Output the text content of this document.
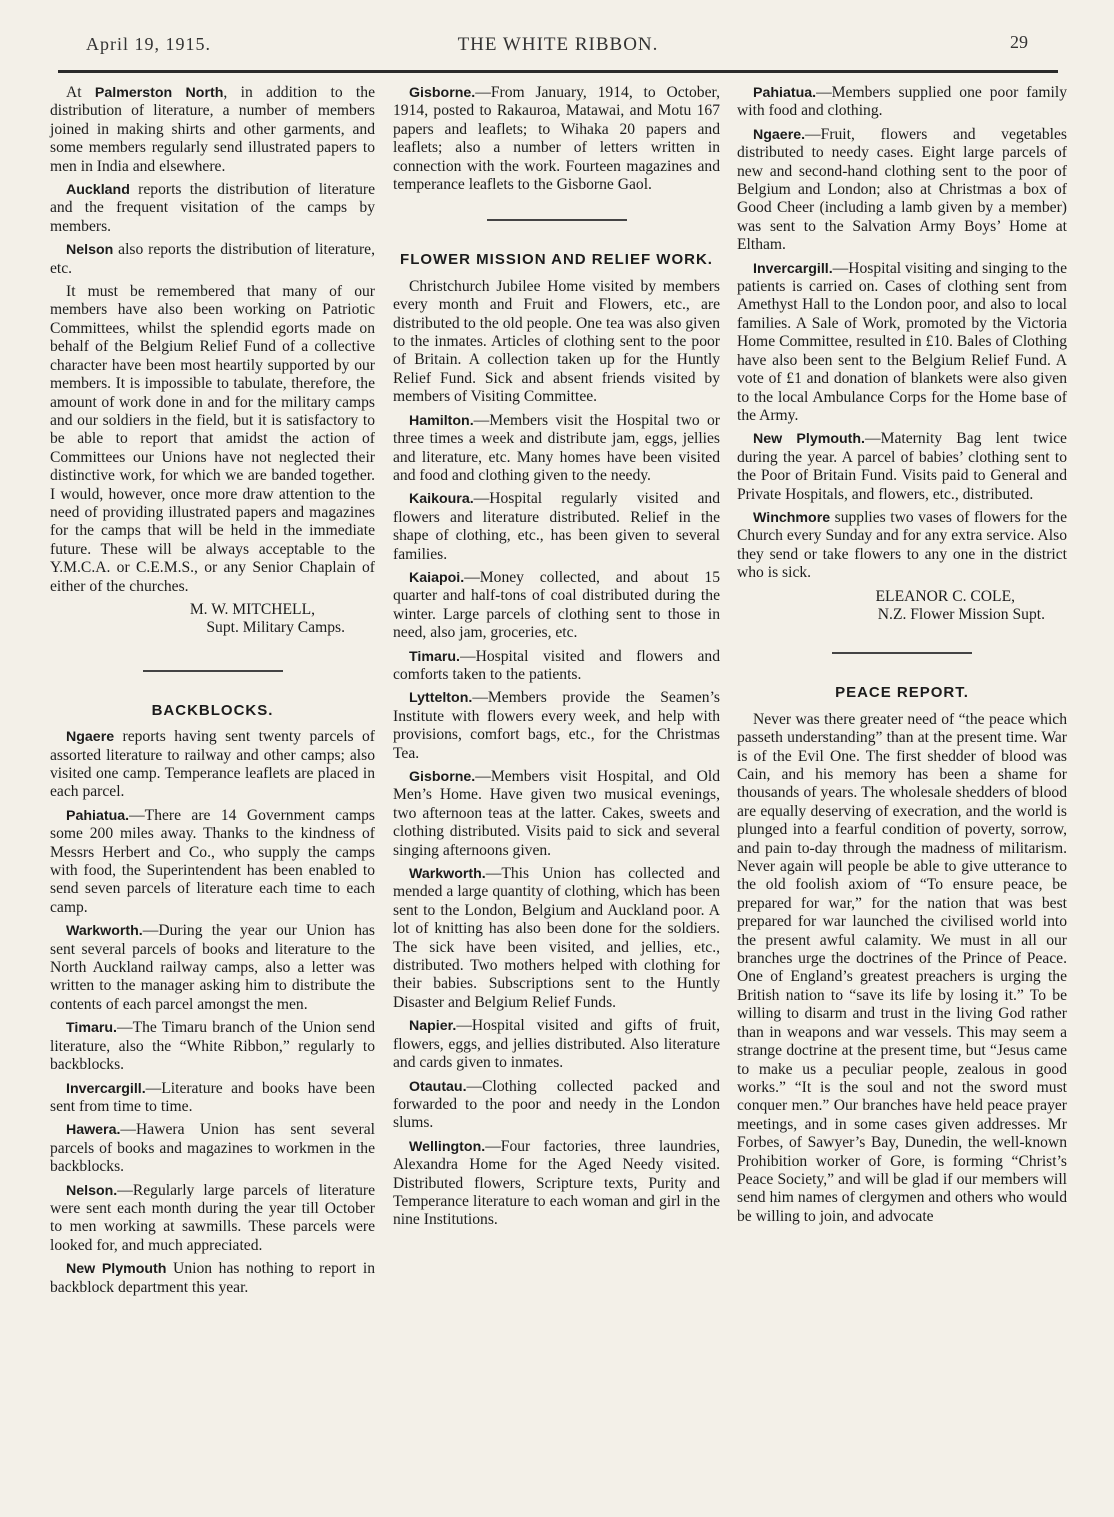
April 19, 1915.	THE WHITE RIBBON.	29

At Palmerston North, in addition to the distribution of literature, a number of members joined in making shirts and other garments, and some members regularly send illustrated papers to men in India and elsewhere.

Auckland reports the distribution of literature and the frequent visitation of the camps by members.

Nelson also reports the distribution of literature, etc.

It must be remembered that many of our members have also been working on Patriotic Committees, whilst the splendid egorts made on behalf of the Belgium Relief Fund of a collective character have been most heartily supported by our members. It is impossible to tabulate, therefore, the amount of work done in and for the military camps and our soldiers in the field, but it is satisfactory to be able to report that amidst the action of Committees our Unions have not neglected their distinctive work, for which we are banded together. I would, however, once more draw attention to the need of providing illustrated papers and magazines for the camps that will be held in the immediate future. These will be always acceptable to the Y.M.C.A. or C.E.M.S., or any Senior Chaplain of either of the churches.

M. W. MITCHELL,

Supt. Military Camps.

BACKBLOCKS.

Ngaere reports having sent twenty parcels of assorted literature to railway and other camps; also visited one camp. Temperance leaflets are placed in each parcel.

Pahiatua.—There are 14 Government camps some 200 miles away. Thanks to the kindness of Messrs Herbert and Co., who supply the camps with food, the Superintendent has been enabled to send seven parcels of literature each time to each camp.

Warkworth.—During the year our Union has sent several parcels of books and literature to the North Auckland railway camps, also a letter was written to the manager asking him to distribute the contents of each parcel amongst the men.

Timaru.—The Timaru branch of the Union send literature, also the “White Ribbon,” regularly to backblocks.

Invercargill.—Literature and books have been sent from time to time.

Hawera.—Hawera Union has sent several parcels of books and magazines to workmen in the backblocks.

Nelson.—Regularly large parcels of literature were sent each month during the year till October to men working at sawmills. These parcels were looked for, and much appreciated.

New Plymouth Union has nothing to report in backblock department this year.

Gisborne.—From January, 1914, to October, 1914, posted to Rakauroa, Matawai, and Motu 167 papers and leaflets; to Wihaka 20 papers and leaflets; also a number of letters written in connection with the work. Fourteen magazines and temperance leaflets to the Gisborne Gaol.

FLOWER MISSION AND RELIEF WORK.

Christchurch Jubilee Home visited by members every month and Fruit and Flowers, etc., are distributed to the old people. One tea was also given to the inmates. Articles of clothing sent to the poor of Britain. A collection taken up for the Huntly Relief Fund. Sick and absent friends visited by members of Visiting Committee.

Hamilton.—Members visit the Hospital two or three times a week and distribute jam, eggs, jellies and literature, etc. Many homes have been visited and food and clothing given to the needy.

Kaikoura.—Hospital regularly visited and flowers and literature distributed. Relief in the shape of clothing, etc., has been given to several families.

Kaiapoi.—Money collected, and about 15 quarter and half-tons of coal distributed during the winter. Large parcels of clothing sent to those in need, also jam, groceries, etc.

Timaru.—Hospital visited and flowers and comforts taken to the patients.

Lyttelton.—Members provide the Seamen’s Institute with flowers every week, and help with provisions, comfort bags, etc., for the Christmas Tea.

Gisborne.—Members visit Hospital, and Old Men’s Home. Have given two musical evenings, two afternoon teas at the latter. Cakes, sweets and clothing distributed. Visits paid to sick and several singing afternoons given.

Warkworth.—This Union has collected and mended a large quantity of clothing, which has been sent to the London, Belgium and Auckland poor. A lot of knitting has also been done for the soldiers. The sick have been visited, and jellies, etc., distributed. Two mothers helped with clothing for their babies. Subscriptions sent to the Huntly Disaster and Belgium Relief Funds.

Napier.—Hospital visited and gifts of fruit, flowers, eggs, and jellies distributed. Also literature and cards given to inmates.

Otautau.—Clothing collected packed and forwarded to the poor and needy in the London slums.

Wellington.—Four factories, three laundries, Alexandra Home for the Aged Needy visited. Distributed flowers, Scripture texts, Purity and Temperance literature to each woman and girl in the nine Institutions.

Pahiatua.—Members supplied one poor family with food and clothing.

Ngaere.—Fruit, flowers and vegetables distributed to needy cases. Eight large parcels of new and second-hand clothing sent to the poor of Belgium and London; also at Christmas a box of Good Cheer (including a lamb given by a member) was sent to the Salvation Army Boys’ Home at Eltham.

Invercargill.—Hospital visiting and singing to the patients is carried on. Cases of clothing sent from Amethyst Hall to the London poor, and also to local families. A Sale of Work, promoted by the Victoria Home Committee, resulted in £10. Bales of Clothing have also been sent to the Belgium Relief Fund. A vote of £1 and donation of blankets were also given to the local Ambulance Corps for the Home base of the Army.

New Plymouth.—Maternity Bag lent twice during the year. A parcel of babies’ clothing sent to the Poor of Britain Fund. Visits paid to General and Private Hospitals, and flowers, etc., distributed.

Winchmore supplies two vases of flowers for the Church every Sunday and for any extra service. Also they send or take flowers to any one in the district who is sick.

ELEANOR C. COLE,

N.Z. Flower Mission Supt.

PEACE REPORT.

Never was there greater need of “the peace which passeth understanding” than at the present time. War is of the Evil One. The first shedder of blood was Cain, and his memory has been a shame for thousands of years. The wholesale shedders of blood are equally deserving of execration, and the world is plunged into a fearful condition of poverty, sorrow, and pain to-day through the madness of militarism. Never again will people be able to give utterance to the old foolish axiom of “To ensure peace, be prepared for war,” for the nation that was best prepared for war launched the civilised world into the present awful calamity. We must in all our branches urge the doctrines of the Prince of Peace. One of England’s greatest preachers is urging the British nation to “save its life by losing it.” To be willing to disarm and trust in the living God rather than in weapons and war vessels. This may seem a strange doctrine at the present time, but “Jesus came to make us a peculiar people, zealous in good works.” “It is the soul and not the sword must conquer men.” Our branches have held peace prayer meetings, and in some cases given addresses. Mr Forbes, of Sawyer’s Bay, Dunedin, the well-known Prohibition worker of Gore, is forming “Christ’s Peace Society,” and will be glad if our members will send him names of clergymen and others who would be willing to join, and advocate
